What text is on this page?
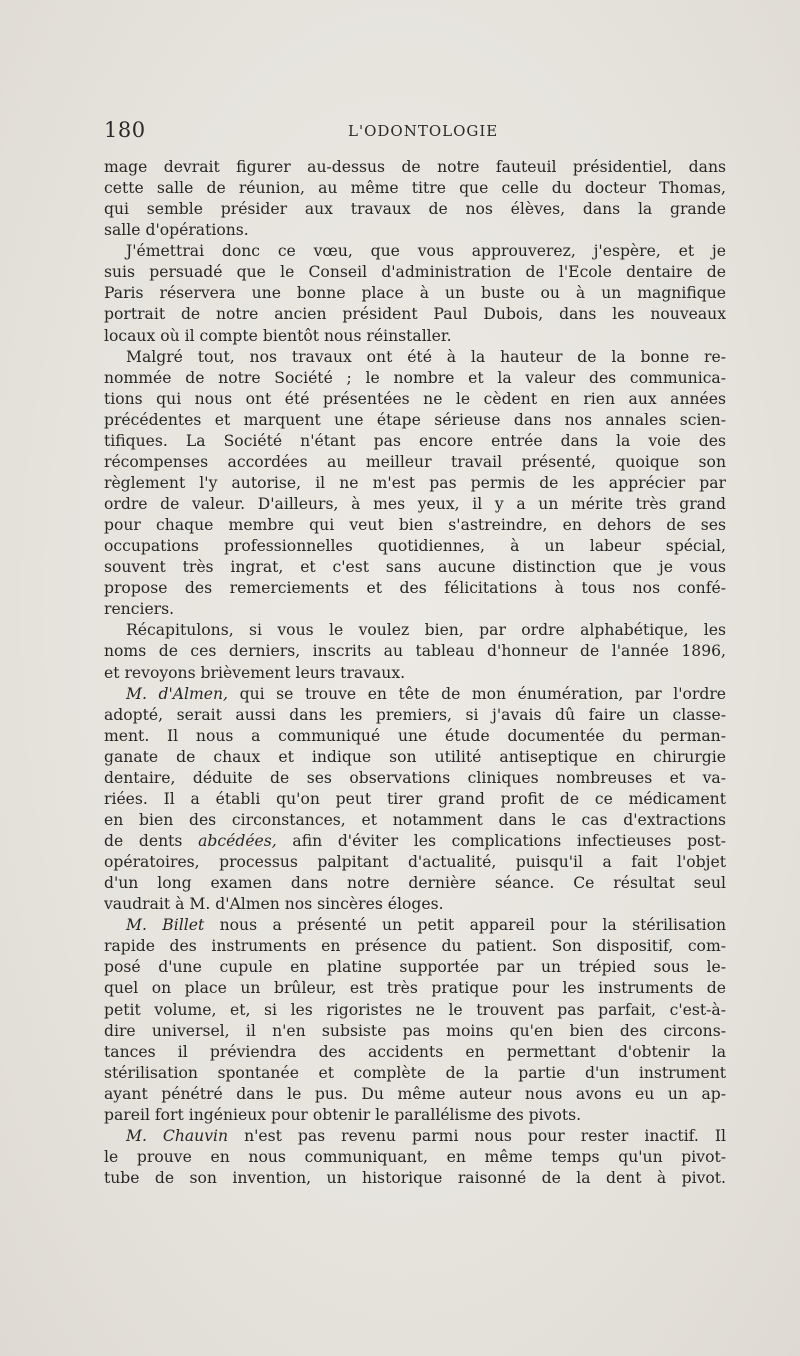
180	L'ODONTOLOGIE
mage devrait figurer au-dessus de notre fauteuil présidentiel, dans
cette salle de réunion, au même titre que celle du docteur Thomas,
qui semble présider aux travaux de nos élèves, dans la grande
salle d'opérations.
J'émettrai donc ce vœu, que vous approuverez, j'espère, et je
suis persuadé que le Conseil d'administration de l'Ecole dentaire de
Paris réservera une bonne place à un buste ou à un magnifique
portrait de notre ancien président Paul Dubois, dans les nouveaux
locaux où il compte bientôt nous réinstaller.
Malgré tout, nos travaux ont été à la hauteur de la bonne re-
nommée de notre Société ; le nombre et la valeur des communica-
tions qui nous ont été présentées ne le cèdent en rien aux années
précédentes et marquent une étape sérieuse dans nos annales scien-
tifiques. La Société n'étant pas encore entrée dans la voie des
récompenses accordées au meilleur travail présenté, quoique son
règlement l'y autorise, il ne m'est pas permis de les apprécier par
ordre de valeur. D'ailleurs, à mes yeux, il y a un mérite très grand
pour chaque membre qui veut bien s'astreindre, en dehors de ses
occupations professionnelles quotidiennes, à un labeur spécial,
souvent très ingrat, et c'est sans aucune distinction que je vous
propose des remerciements et des félicitations à tous nos confé-
renciers.
Récapitulons, si vous le voulez bien, par ordre alphabétique, les
noms de ces derniers, inscrits au tableau d'honneur de l'année 1896,
et revoyons brièvement leurs travaux.
M. d'Almen, qui se trouve en tête de mon énumération, par l'ordre
adopté, serait aussi dans les premiers, si j'avais dû faire un classe-
ment. Il nous a communiqué une étude documentée du perman-
ganate de chaux et indique son utilité antiseptique en chirurgie
dentaire, déduite de ses observations cliniques nombreuses et va-
riées. Il a établi qu'on peut tirer grand profit de ce médicament
en bien des circonstances, et notamment dans le cas d'extractions
de dents abcédées, afin d'éviter les complications infectieuses post-
opératoires, processus palpitant d'actualité, puisqu'il a fait l'objet
d'un long examen dans notre dernière séance. Ce résultat seul
vaudrait à M. d'Almen nos sincères éloges.
M. Billet nous a présenté un petit appareil pour la stérilisation
rapide des instruments en présence du patient. Son dispositif, com-
posé d'une cupule en platine supportée par un trépied sous le-
quel on place un brûleur, est très pratique pour les instruments de
petit volume, et, si les rigoristes ne le trouvent pas parfait, c'est-à-
dire universel, il n'en subsiste pas moins qu'en bien des circons-
tances il préviendra des accidents en permettant d'obtenir la
stérilisation spontanée et complète de la partie d'un instrument
ayant pénétré dans le pus. Du même auteur nous avons eu un ap-
pareil fort ingénieux pour obtenir le parallélisme des pivots.
M. Chauvin n'est pas revenu parmi nous pour rester inactif. Il
le prouve en nous communiquant, en même temps qu'un pivot-
tube de son invention, un historique raisonné de la dent à pivot.
